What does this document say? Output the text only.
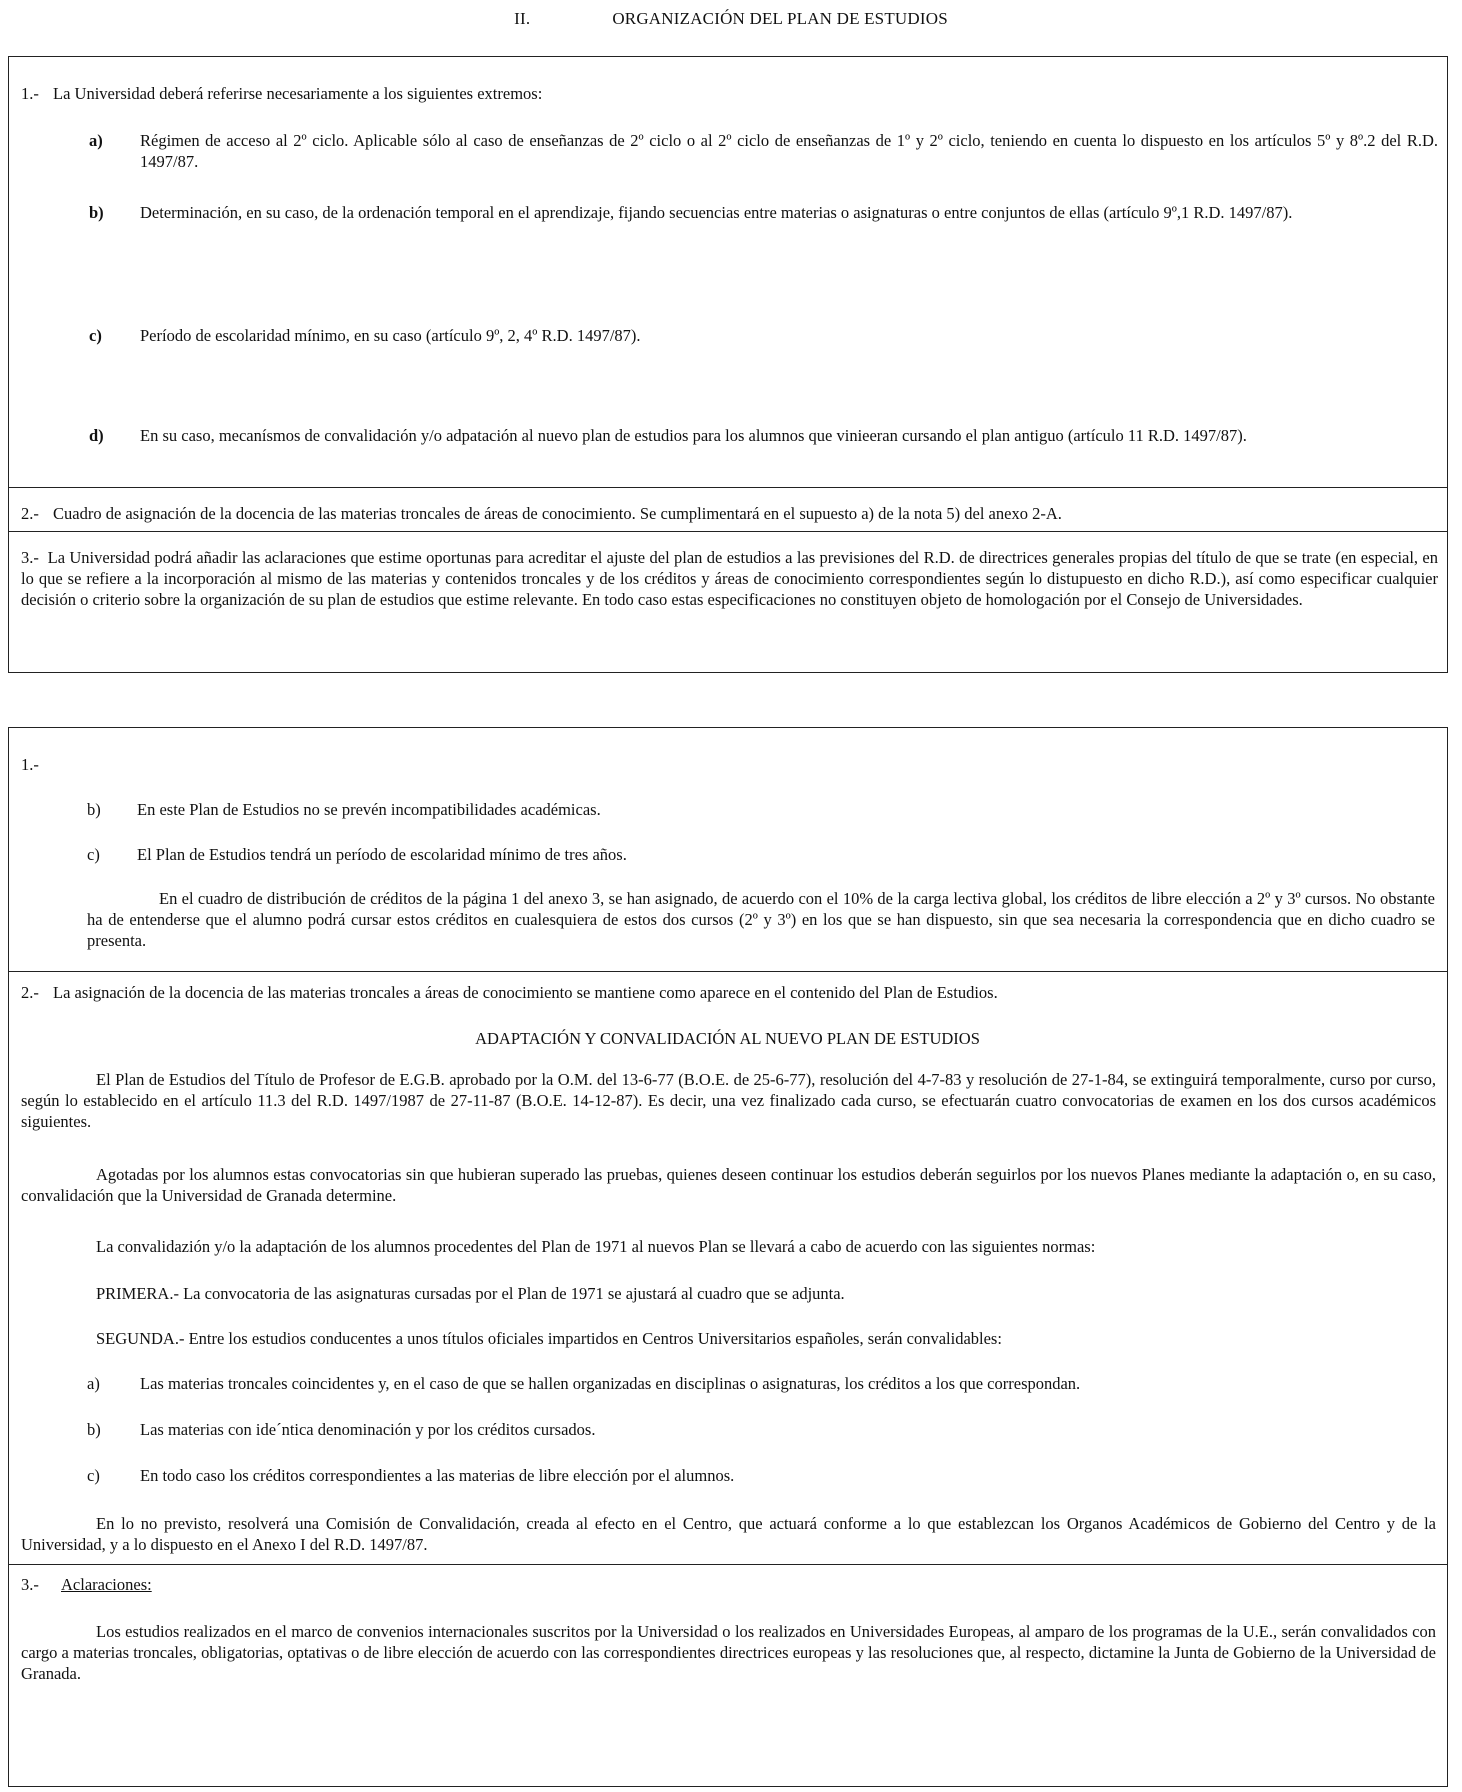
II.	ORGANIZACIÓN DEL PLAN DE ESTUDIOS
1.- La Universidad deberá referirse necesariamente a los siguientes extremos:
a) Régimen de acceso al 2º ciclo. Aplicable sólo al caso de enseñanzas de 2º ciclo o al 2º ciclo de enseñanzas de 1º y 2º ciclo, teniendo en cuenta lo dispuesto en los artículos 5º y 8º.2 del R.D. 1497/87.
b) Determinación, en su caso, de la ordenación temporal en el aprendizaje, fijando secuencias entre materias o asignaturas o entre conjuntos de ellas (artículo 9º,1 R.D. 1497/87).
c) Período de escolaridad mínimo, en su caso (artículo 9º, 2, 4º R.D. 1497/87).
d) En su caso, mecanísmos de convalidación y/o adpatación al nuevo plan de estudios para los alumnos que vinieeran cursando el plan antiguo (artículo 11 R.D. 1497/87).
2.- Cuadro de asignación de la docencia de las materias troncales de áreas de conocimiento. Se cumplimentará en el supuesto a) de la nota 5) del anexo 2-A.
3.- La Universidad podrá añadir las aclaraciones que estime oportunas para acreditar el ajuste del plan de estudios a las previsiones del R.D. de directrices generales propias del título de que se trate (en especial, en lo que se refiere a la incorporación al mismo de las materias y contenidos troncales y de los créditos y áreas de conocimiento correspondientes según lo distupuesto en dicho R.D.), así como especificar cualquier decisión o criterio sobre la organización de su plan de estudios que estime relevante. En todo caso estas especificaciones no constituyen objeto de homologación por el Consejo de Universidades.
1.-
b) En este Plan de Estudios no se prevén incompatibilidades académicas.
c) El Plan de Estudios tendrá un período de escolaridad mínimo de tres años.
En el cuadro de distribución de créditos de la página 1 del anexo 3, se han asignado, de acuerdo con el 10% de la carga lectiva global, los créditos de libre elección a 2º y 3º cursos. No obstante ha de entenderse que el alumno podrá cursar estos créditos en cualesquiera de estos dos cursos (2º y 3º) en los que se han dispuesto, sin que sea necesaria la correspondencia que en dicho cuadro se presenta.
2.- La asignación de la docencia de las materias troncales a áreas de conocimiento se mantiene como aparece en el contenido del Plan de Estudios.
ADAPTACIÓN Y CONVALIDACIÓN AL NUEVO PLAN DE ESTUDIOS
El Plan de Estudios del Título de Profesor de E.G.B. aprobado por la O.M. del 13-6-77 (B.O.E. de 25-6-77), resolución del 4-7-83 y resolución de 27-1-84, se extinguirá temporalmente, curso por curso, según lo establecido en el artículo 11.3 del R.D. 1497/1987 de 27-11-87 (B.O.E. 14-12-87). Es decir, una vez finalizado cada curso, se efectuarán cuatro convocatorias de examen en los dos cursos académicos siguientes.
Agotadas por los alumnos estas convocatorias sin que hubieran superado las pruebas, quienes deseen continuar los estudios deberán seguirlos por los nuevos Planes mediante la adaptación o, en su caso, convalidación que la Universidad de Granada determine.
La convalidazión y/o la adaptación de los alumnos procedentes del Plan de 1971 al nuevos Plan se llevará a cabo de acuerdo con las siguientes normas:
PRIMERA.- La convocatoria de las asignaturas cursadas por el Plan de 1971 se ajustará al cuadro que se adjunta.
SEGUNDA.- Entre los estudios conducentes a unos títulos oficiales impartidos en Centros Universitarios españoles, serán convalidables:
a) Las materias troncales coincidentes y, en el caso de que se hallen organizadas en disciplinas o asignaturas, los créditos a los que correspondan.
b) Las materias con ide´ntica denominación y por los créditos cursados.
c) En todo caso los créditos correspondientes a las materias de libre elección por el alumnos.
En lo no previsto, resolverá una Comisión de Convalidación, creada al efecto en el Centro, que actuará conforme a lo que establezcan los Organos Académicos de Gobierno del Centro y de la Universidad, y a lo dispuesto en el Anexo I del R.D. 1497/87.
3.- Aclaraciones:
Los estudios realizados en el marco de convenios internacionales suscritos por la Universidad o los realizados en Universidades Europeas, al amparo de los programas de la U.E., serán convalidados con cargo a materias troncales, obligatorias, optativas o de libre elección de acuerdo con las correspondientes directrices europeas y las resoluciones que, al respecto, dictamine la Junta de Gobierno de la Universidad de Granada.
